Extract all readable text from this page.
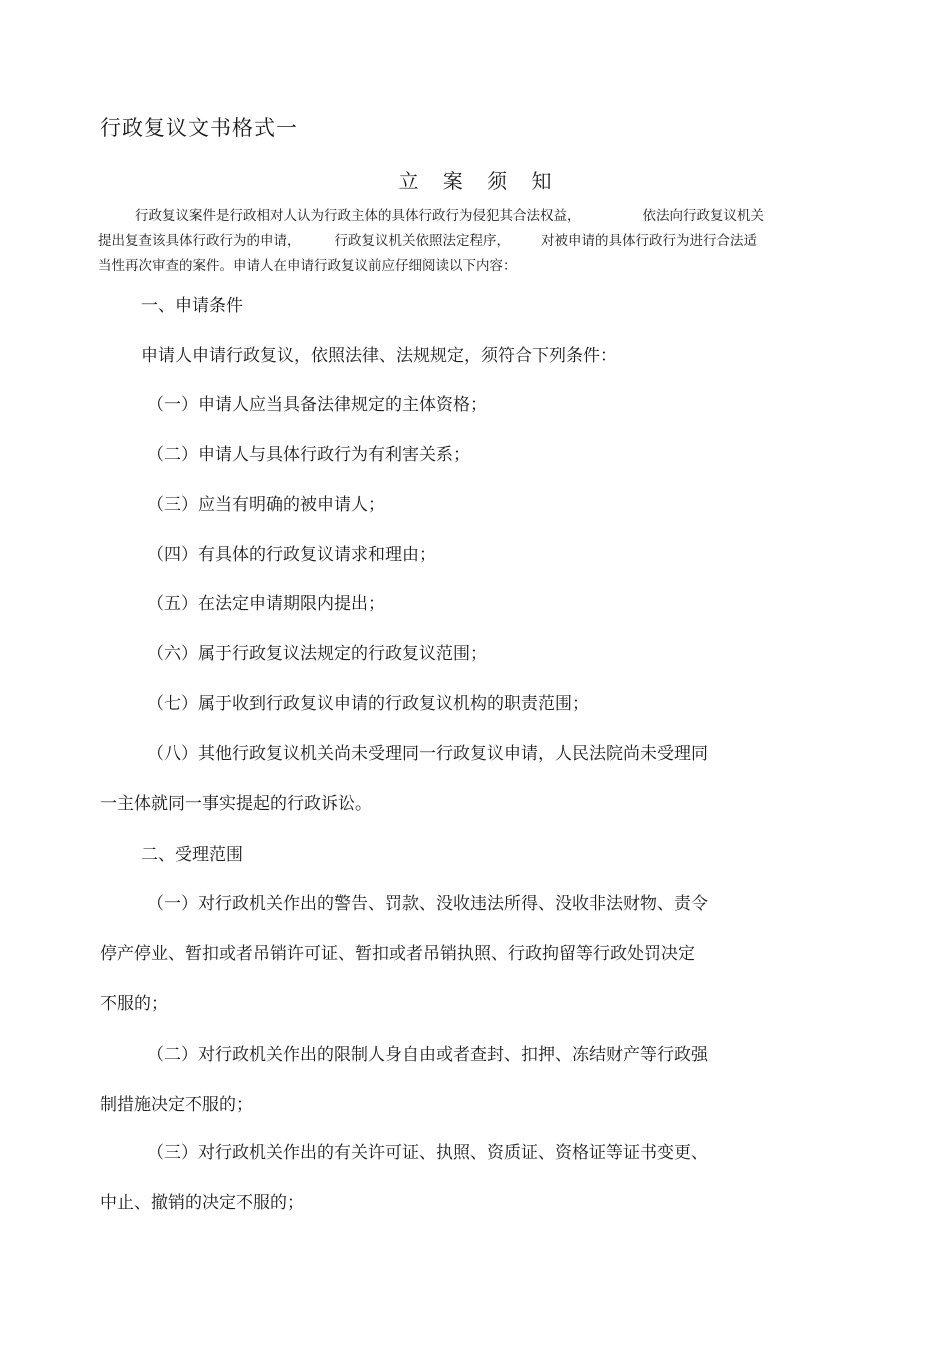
行政复议文书格式一
立 案 须 知
行政复议案件是行政相对人认为行政主体的具体行政行为侵犯其合法权益，	依法向行政复议机关
提出复查该具体行政行为的申请，	行政复议机关依照法定程序， 对被申请的具体行政行为进行合法适
当性再次审查的案件。申请人在申请行政复议前应仔细阅读以下内容：
一、申请条件
申请人申请行政复议，依照法律、法规规定，须符合下列条件：
（一）申请人应当具备法律规定的主体资格；
（二）申请人与具体行政行为有利害关系；
（三）应当有明确的被申请人；
（四）有具体的行政复议请求和理由；
（五）在法定申请期限内提出；
（六）属于行政复议法规定的行政复议范围；
（七）属于收到行政复议申请的行政复议机构的职责范围；
（八）其他行政复议机关尚未受理同一行政复议申请，人民法院尚未受理同
一主体就同一事实提起的行政诉讼。
二、受理范围
（一）对行政机关作出的警告、罚款、没收违法所得、没收非法财物、责令
停产停业、暂扣或者吊销许可证、暂扣或者吊销执照、行政拘留等行政处罚决定
不服的；
（二）对行政机关作出的限制人身自由或者查封、扣押、冻结财产等行政强
制措施决定不服的；
（三）对行政机关作出的有关许可证、执照、资质证、资格证等证书变更、
中止、撤销的决定不服的；
